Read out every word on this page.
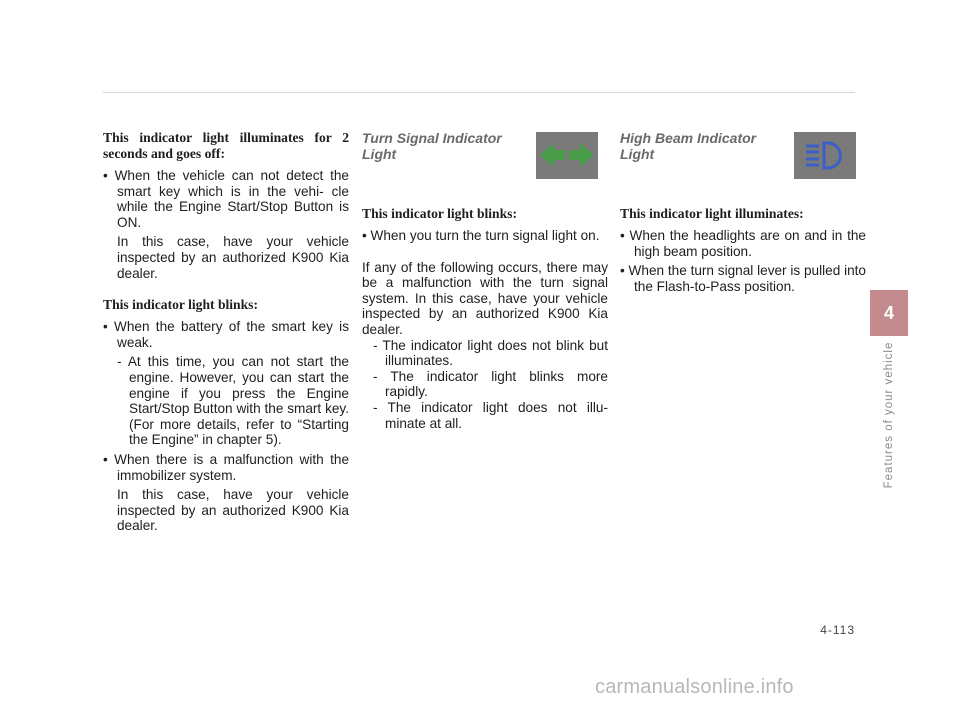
This indicator light illuminates for 2 seconds and goes off:

• When the vehicle can not detect the smart key which is in the vehi- cle while the Engine Start/Stop Button is ON.

In this case, have your vehicle inspected by an authorized K900 Kia dealer.

This indicator light blinks:

• When the battery of the smart key is weak.

- At this time, you can not start the engine. However, you can start the engine if you press the Engine Start/Stop Button with the smart key. (For more details, refer to “Starting the Engine” in chapter 5).

• When there is a malfunction with the immobilizer system.

In this case, have your vehicle inspected by an authorized K900 Kia dealer.

Turn Signal Indicator Light

This indicator light blinks:

• When you turn the turn signal light on.

If any of the following occurs, there may be a malfunction with the turn signal system. In this case, have your vehicle inspected by an authorized K900 Kia dealer.

- The indicator light does not blink but illuminates.

- The indicator light blinks more rapidly.

- The indicator light does not illu- minate at all.

High Beam Indicator Light

This indicator light illuminates:

• When the headlights are on and in the high beam position.

• When the turn signal lever is pulled into the Flash-to-Pass position.

4
Features of your vehicle
4-113
carmanualsonline.info
